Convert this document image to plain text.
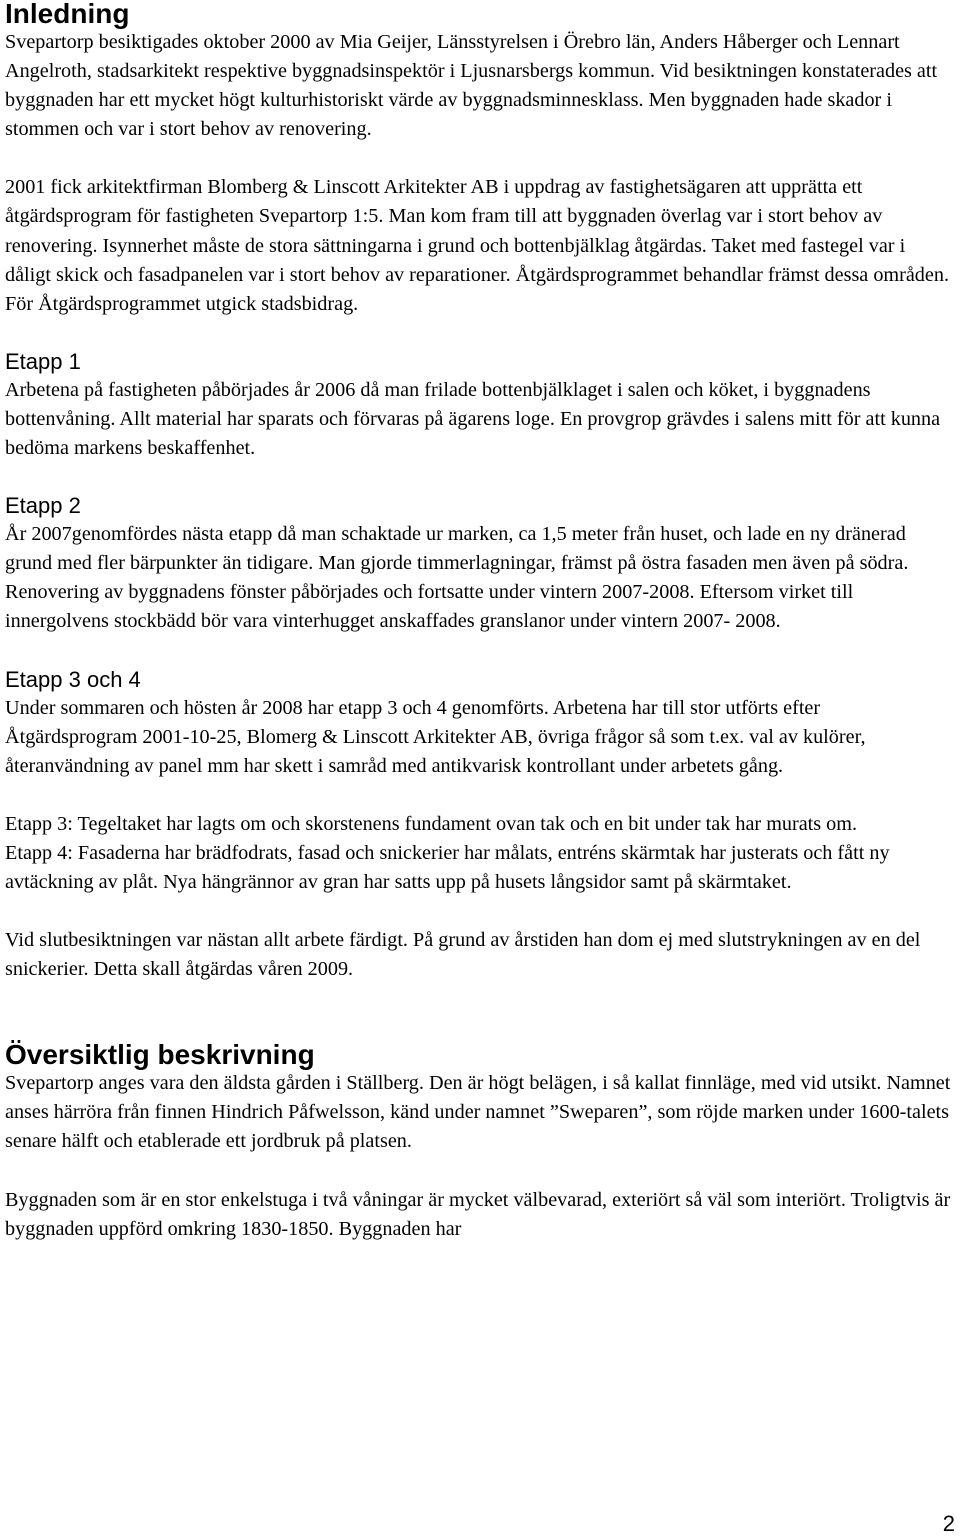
Inledning

Svepartorp besiktigades oktober 2000 av Mia Geijer, Länsstyrelsen i Örebro län, Anders Håberger och Lennart Angelroth, stadsarkitekt respektive byggnadsinspektör i Ljusnarsbergs kommun. Vid besiktningen konstaterades att byggnaden har ett mycket högt kulturhistoriskt värde av byggnadsminnesklass. Men byggnaden hade skador i stommen och var i stort behov av renovering.

2001 fick arkitektfirman Blomberg & Linscott Arkitekter AB i uppdrag av fastighetsägaren att upprätta ett åtgärdsprogram för fastigheten Svepartorp 1:5. Man kom fram till att byggnaden överlag var i stort behov av renovering. Isynnerhet måste de stora sättningarna i grund och bottenbjälklag åtgärdas. Taket med fastegel var i dåligt skick och fasadpanelen var i stort behov av reparationer. Åtgärdsprogrammet behandlar främst dessa områden. För Åtgärdsprogrammet utgick stadsbidrag.

Etapp 1

Arbetena på fastigheten påbörjades år 2006 då man frilade bottenbjälklaget i salen och köket, i byggnadens bottenvåning. Allt material har sparats och förvaras på ägarens loge. En provgrop grävdes i salens mitt för att kunna bedöma markens beskaffenhet.

Etapp 2

År 2007genomfördes nästa etapp då man schaktade ur marken, ca 1,5 meter från huset, och lade en ny dränerad grund med fler bärpunkter än tidigare. Man gjorde timmerlagningar, främst på östra fasaden men även på södra. Renovering av byggnadens fönster påbörjades och fortsatte under vintern 2007-2008. Eftersom virket till innergolvens stockbädd bör vara vinterhugget anskaffades granslanor under vintern 2007- 2008.

Etapp 3 och 4

Under sommaren och hösten år 2008 har etapp 3 och 4 genomförts. Arbetena har till stor utförts efter Åtgärdsprogram 2001-10-25, Blomerg & Linscott Arkitekter AB, övriga frågor så som t.ex. val av kulörer, återanvändning av panel mm har skett i samråd med antikvarisk kontrollant under arbetets gång.

Etapp 3: Tegeltaket har lagts om och skorstenens fundament ovan tak och en bit under tak har murats om.

Etapp 4: Fasaderna har brädfodrats, fasad och snickerier har målats, entréns skärmtak har justerats och fått ny avtäckning av plåt. Nya hängrännor av gran har satts upp på husets långsidor samt på skärmtaket.

Vid slutbesiktningen var nästan allt arbete färdigt. På grund av årstiden han dom ej med slutstrykningen av en del snickerier. Detta skall åtgärdas våren 2009.

Översiktlig beskrivning

Svepartorp anges vara den äldsta gården i Ställberg. Den är högt belägen, i så kallat finnläge, med vid utsikt. Namnet anses härröra från finnen Hindrich Påfwelsson, känd under namnet ”Sweparen”, som röjde marken under 1600-talets senare hälft och etablerade ett jordbruk på platsen.

Byggnaden som är en stor enkelstuga i två våningar är mycket välbevarad, exteriört så väl som interiört. Troligtvis är byggnaden uppförd omkring 1830-1850. Byggnaden har

2
